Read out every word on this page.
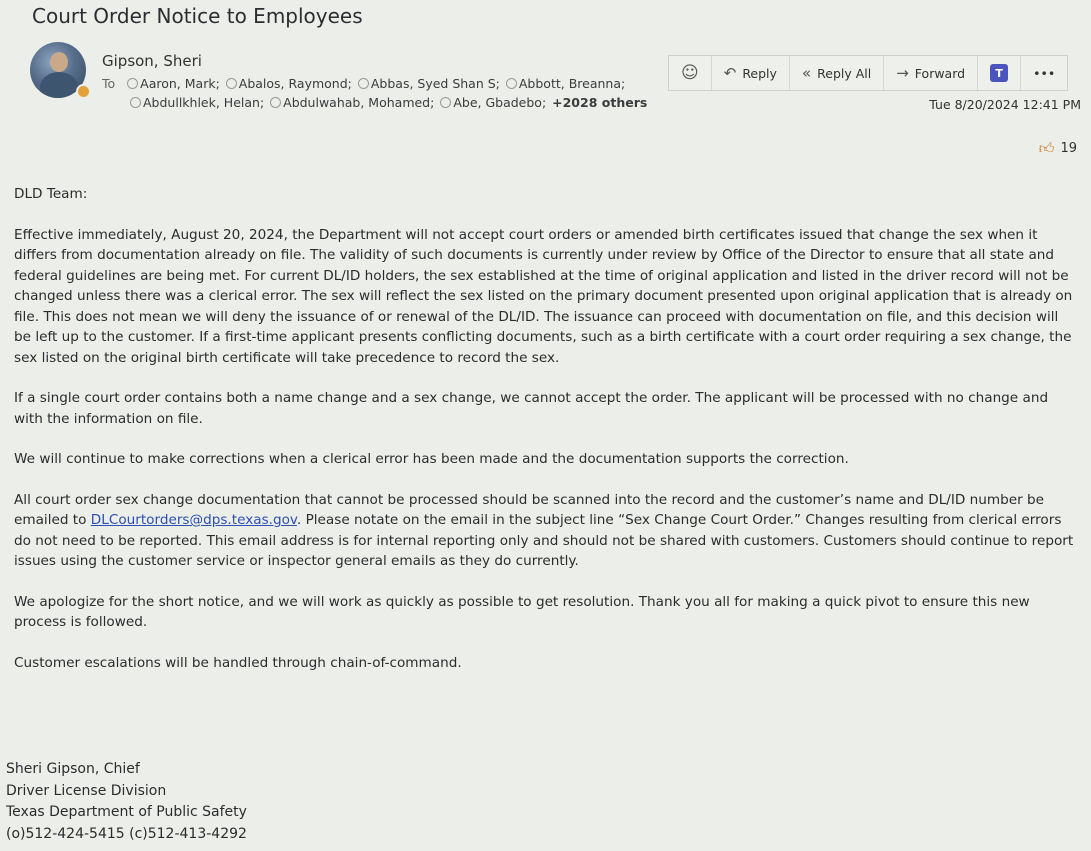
Court Order Notice to Employees
Gipson, Sheri
To Aaron, Mark; Abalos, Raymond; Abbas, Syed Shan S; Abbott, Breanna;
Abdullkhlek, Helan; Abdulwahab, Mohamed; Abe, Gbadebo; +2028 others
☺ ↶ Reply « Reply All → Forward	T	•••
Tue 8/20/2024 12:41 PM
👍︎ 19

DLD Team:

Effective immediately, August 20, 2024, the Department will not accept court orders or amended birth certificates issued that change the sex when it differs from documentation already on file. The validity of such documents is currently under review by Office of the Director to ensure that all state and federal guidelines are being met. For current DL/ID holders, the sex established at the time of original application and listed in the driver record will not be changed unless there was a clerical error. The sex will reflect the sex listed on the primary document presented upon original application that is already on file. This does not mean we will deny the issuance of or renewal of the DL/ID. The issuance can proceed with documentation on file, and this decision will be left up to the customer. If a first-time applicant presents conflicting documents, such as a birth certificate with a court order requiring a sex change, the sex listed on the original birth certificate will take precedence to record the sex.

If a single court order contains both a name change and a sex change, we cannot accept the order. The applicant will be processed with no change and with the information on file.

We will continue to make corrections when a clerical error has been made and the documentation supports the correction.

All court order sex change documentation that cannot be processed should be scanned into the record and the customer’s name and DL/ID number be emailed to DLCourtorders@dps.texas.gov. Please notate on the email in the subject line “Sex Change Court Order.” Changes resulting from clerical errors do not need to be reported. This email address is for internal reporting only and should not be shared with customers. Customers should continue to report issues using the customer service or inspector general emails as they do currently.

We apologize for the short notice, and we will work as quickly as possible to get resolution. Thank you all for making a quick pivot to ensure this new process is followed.

Customer escalations will be handled through chain-of-command.

Sheri Gipson, Chief
Driver License Division
Texas Department of Public Safety
(o)512-424-5415 (c)512-413-4292
